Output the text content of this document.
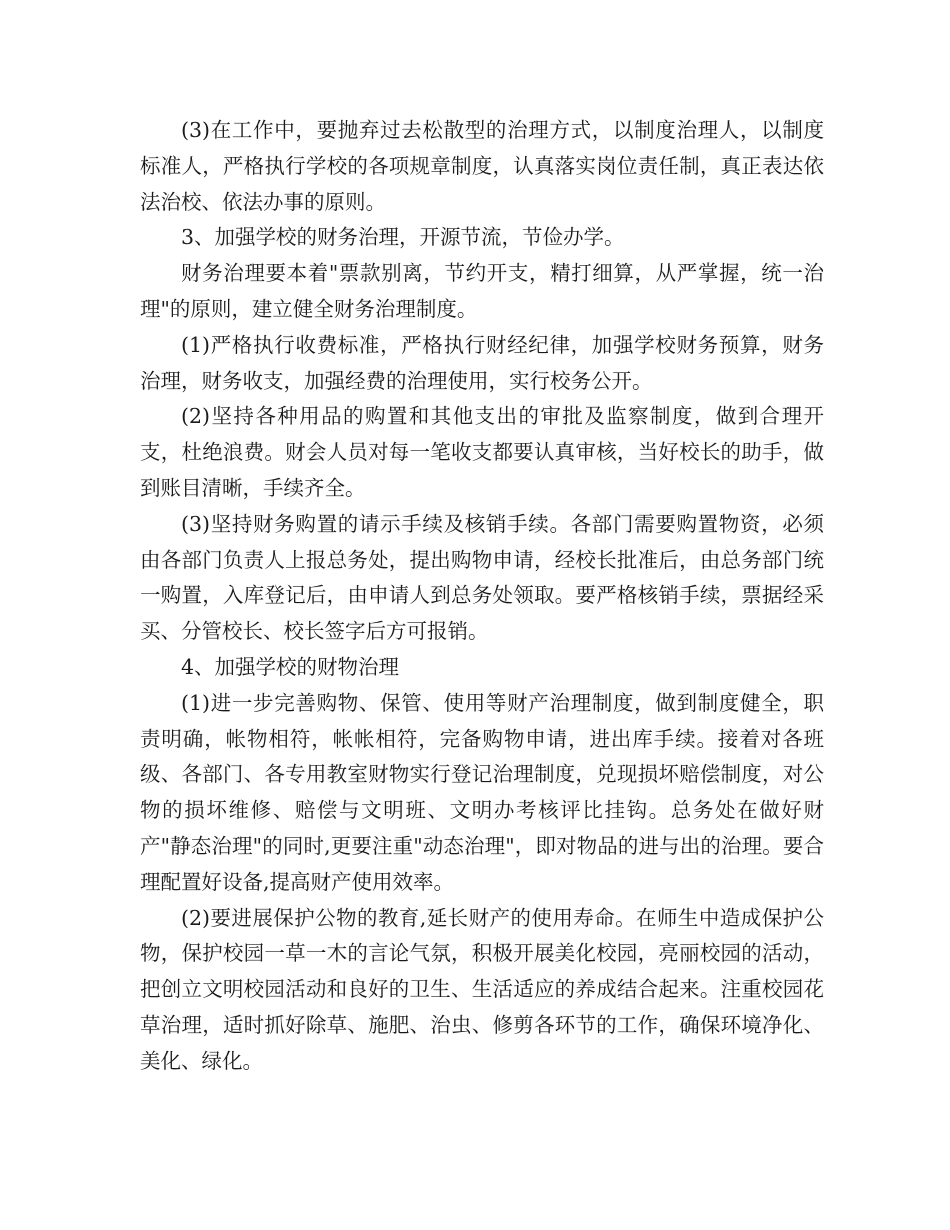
(3)在工作中，要抛弃过去松散型的治理方式，以制度治理人，以制度标准人，严格执行学校的各项规章制度，认真落实岗位责任制，真正表达依法治校、依法办事的原则。

3、加强学校的财务治理，开源节流，节俭办学。

财务治理要本着"票款别离，节约开支，精打细算，从严掌握，统一治理"的原则，建立健全财务治理制度。

(1)严格执行收费标准，严格执行财经纪律，加强学校财务预算，财务治理，财务收支，加强经费的治理使用，实行校务公开。

(2)坚持各种用品的购置和其他支出的审批及监察制度，做到合理开支，杜绝浪费。财会人员对每一笔收支都要认真审核，当好校长的助手，做到账目清晰，手续齐全。

(3)坚持财务购置的请示手续及核销手续。各部门需要购置物资，必须由各部门负责人上报总务处，提出购物申请，经校长批准后，由总务部门统一购置，入库登记后，由申请人到总务处领取。要严格核销手续，票据经采买、分管校长、校长签字后方可报销。

4、加强学校的财物治理

(1)进一步完善购物、保管、使用等财产治理制度，做到制度健全，职责明确，帐物相符，帐帐相符，完备购物申请，进出库手续。接着对各班级、各部门、各专用教室财物实行登记治理制度，兑现损坏赔偿制度，对公物的损坏维修、赔偿与文明班、文明办考核评比挂钩。总务处在做好财产"静态治理"的同时,更要注重"动态治理"，即对物品的进与出的治理。要合理配置好设备,提高财产使用效率。

(2)要进展保护公物的教育,延长财产的使用寿命。在师生中造成保护公物，保护校园一草一木的言论气氛，积极开展美化校园，亮丽校园的活动，把创立文明校园活动和良好的卫生、生活适应的养成结合起来。注重校园花草治理，适时抓好除草、施肥、治虫、修剪各环节的工作，确保环境净化、美化、绿化。
